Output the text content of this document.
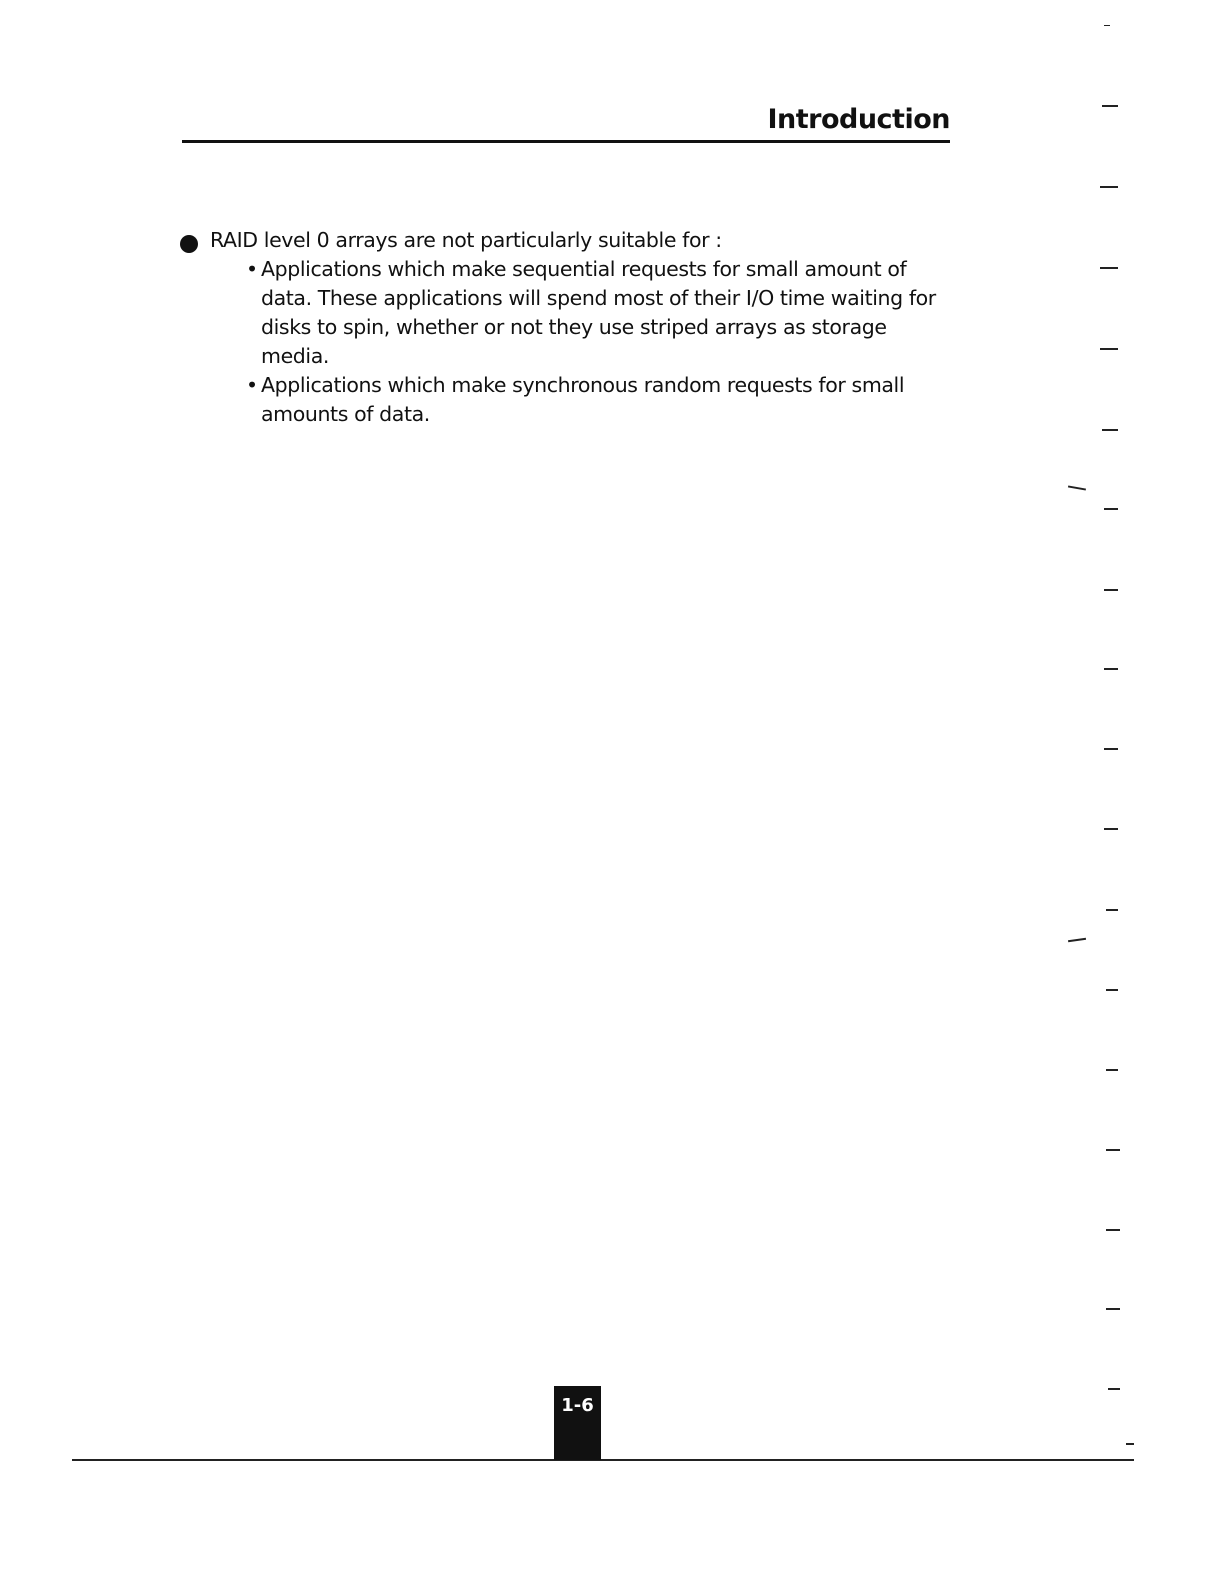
Introduction
RAID level 0 arrays are not particularly suitable for :
• Applications which make sequential requests for small amount of data. These applications will spend most of their I/O time waiting for disks to spin, whether or not they use striped arrays as storage media.
• Applications which make synchronous random requests for small amounts of data.
1-6
